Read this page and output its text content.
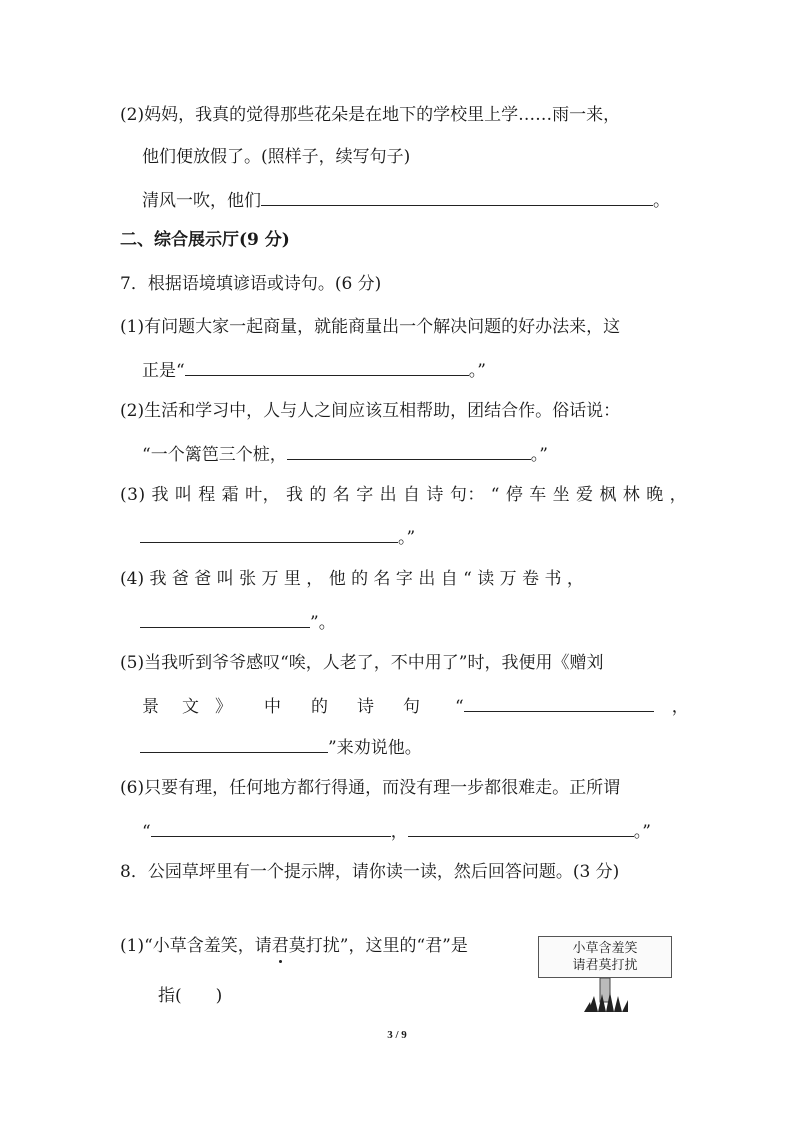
(2)妈妈，我真的觉得那些花朵是在地下的学校里上学……雨一来，
他们便放假了。(照样子，续写句子)
清风一吹，他们	。
二、综合展示厅(9 分)
7．根据语境填谚语或诗句。(6 分)
(1)有问题大家一起商量，就能商量出一个解决问题的好办法来，这
正是“	。”
(2)生活和学习中，人与人之间应该互相帮助，团结合作。俗话说：
“一个篱笆三个桩，	。”
(3) 我 叫 程 霜 叶， 我 的 名 字 出 自 诗 句： “ 停 车 坐 爱 枫 林 晚 ，
。”
(4) 我 爸 爸 叫 张 万 里 ， 他 的 名 字 出 自 “ 读 万 卷 书 ，
”。
(5)当我听到爷爷感叹“唉，人老了，不中用了”时，我便用《赠刘
景 文 》 中 的 诗 句 “	，
”来劝说他。
(6)只要有理，任何地方都行得通，而没有理一步都很难走。正所谓
“	，	。”
8．公园草坪里有一个提示牌，请你读一读，然后回答问题。(3 分)
(1)“小草含羞笑，请君莫打扰”，这里的“君”是
指(　　)
小草含羞笑
请君莫打扰
3 / 9
